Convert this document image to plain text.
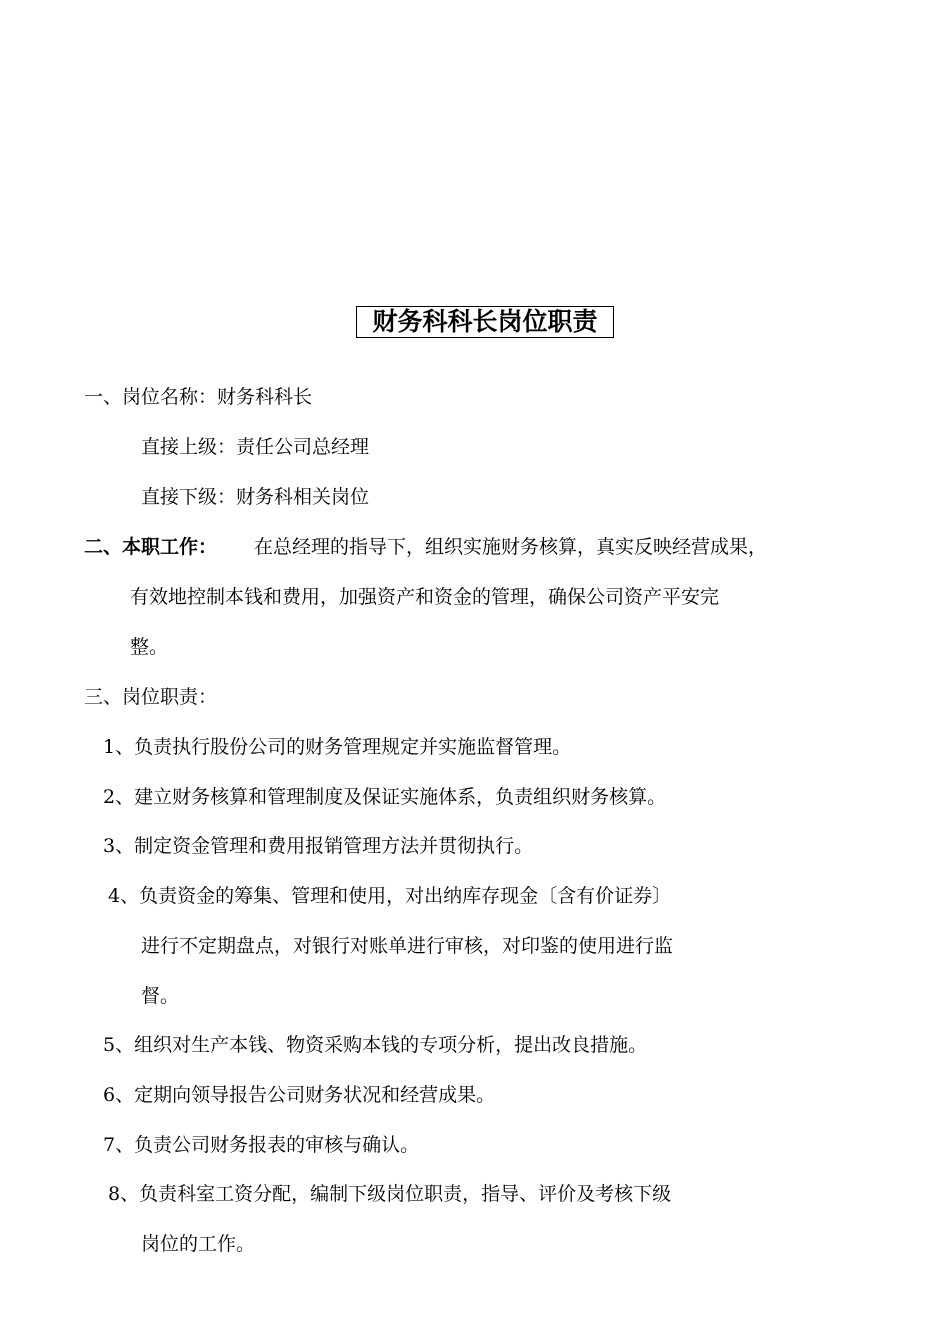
财务科科长岗位职责
一、岗位名称：财务科科长
直接上级：责任公司总经理
直接下级：财务科相关岗位
二、本职工作： 在总经理的指导下，组织实施财务核算，真实反映经营成果，
有效地控制本钱和费用，加强资产和资金的管理，确保公司资产平安完
整。
三、岗位职责：
1、负责执行股份公司的财务管理规定并实施监督管理。
2、建立财务核算和管理制度及保证实施体系，负责组织财务核算。
3、制定资金管理和费用报销管理方法并贯彻执行。
4、负责资金的筹集、管理和使用，对出纳库存现金〔含有价证券〕
进行不定期盘点，对银行对账单进行审核，对印鉴的使用进行监
督。
5、组织对生产本钱、物资采购本钱的专项分析，提出改良措施。
6、定期向领导报告公司财务状况和经营成果。
7、负责公司财务报表的审核与确认。
8、负责科室工资分配，编制下级岗位职责，指导、评价及考核下级
岗位的工作。
